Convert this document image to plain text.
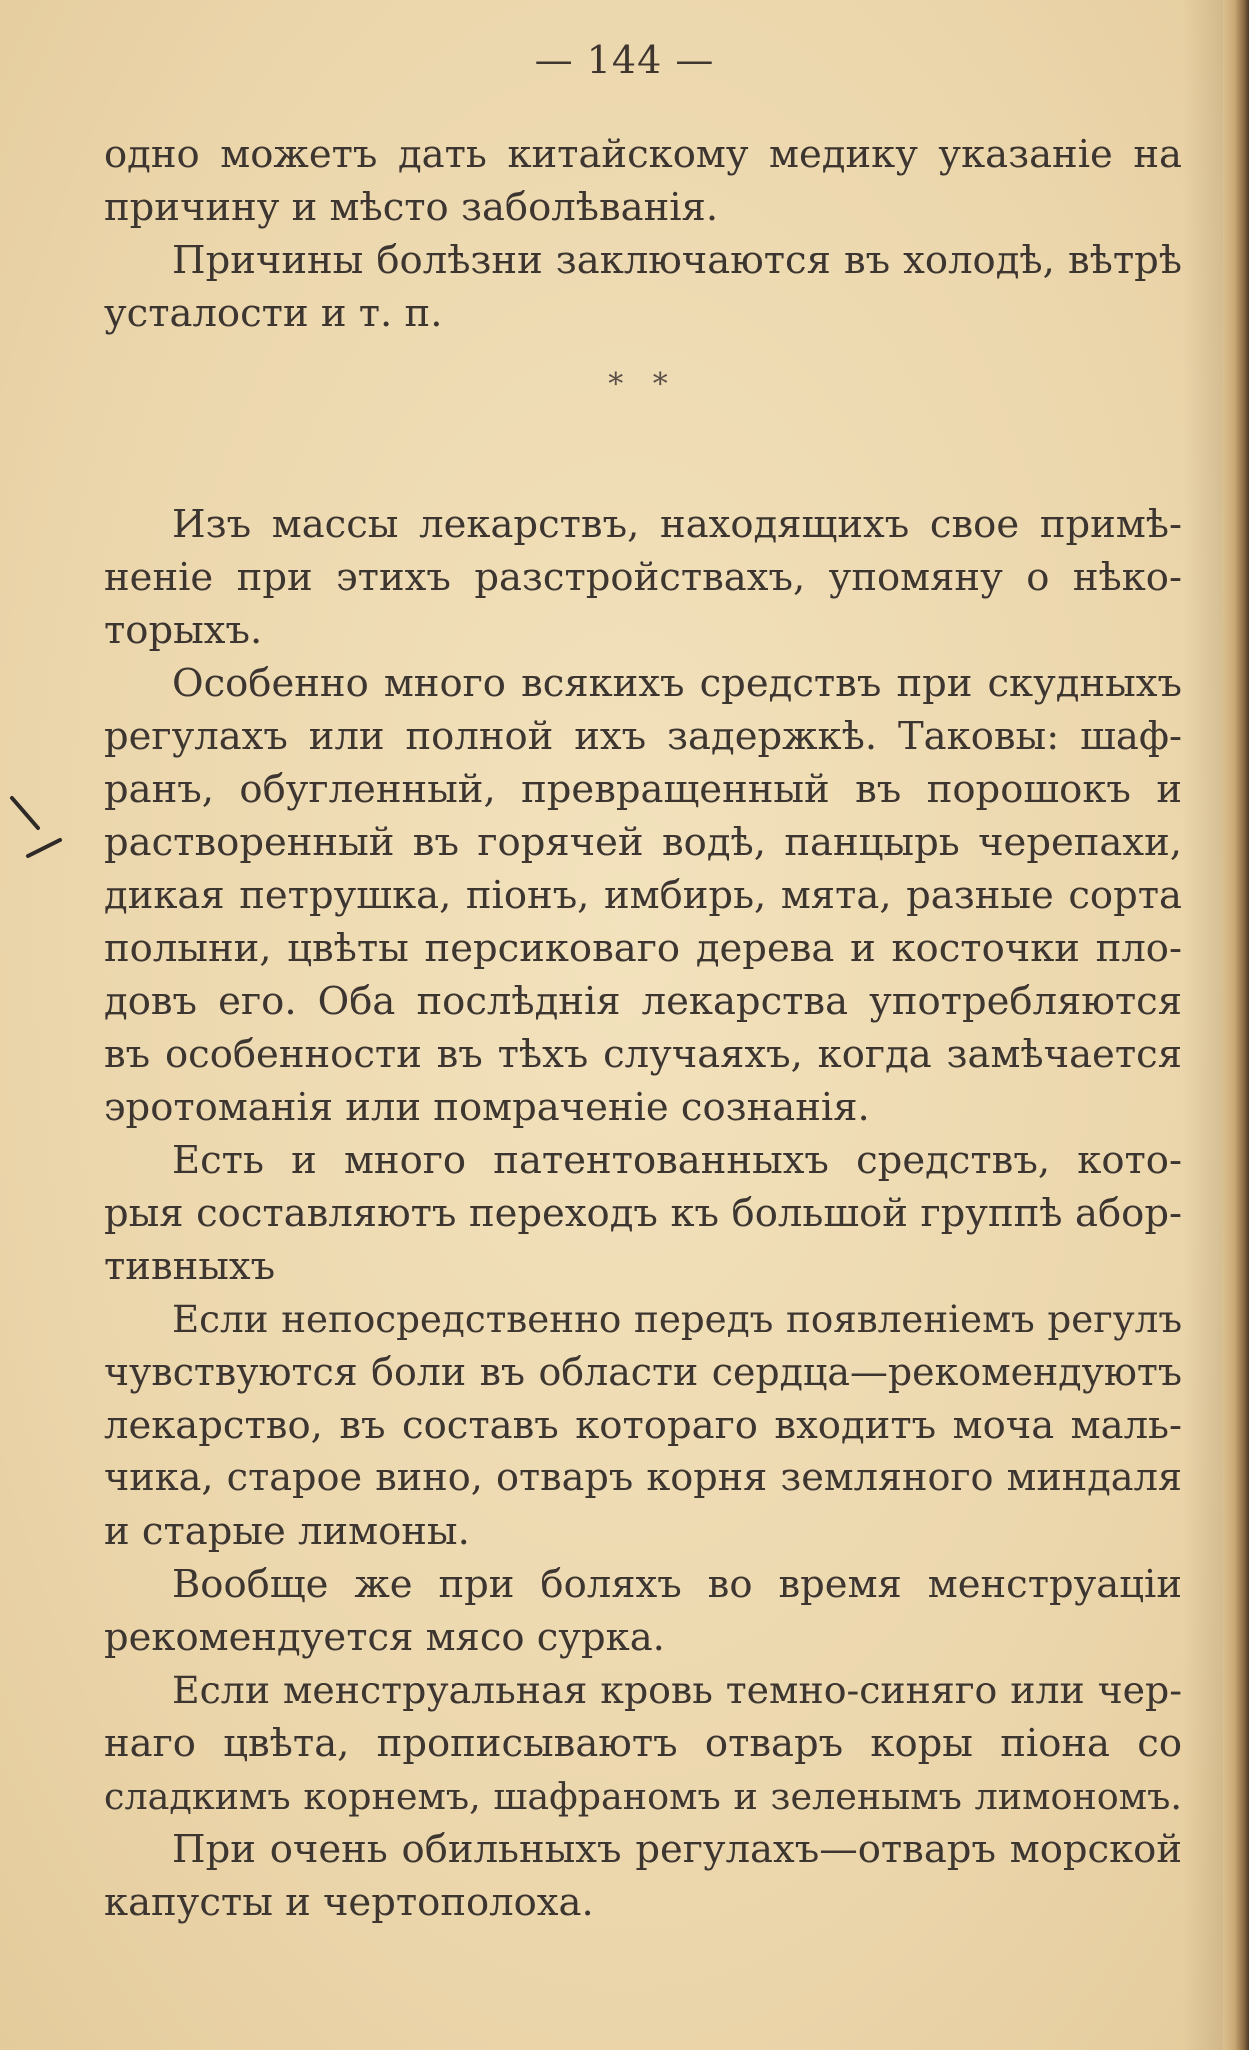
— 144 —
одно можетъ дать китайскому медику указанiе на
причину и мѣсто заболѣванiя.
Причины болѣзни заключаются въ холодѣ, вѣтрѣ
усталости и т. п.
* *
Изъ массы лекарствъ, находящихъ свое примѣ-
ненiе при этихъ разстройствахъ, упомяну о нѣко-
торыхъ.
Особенно много всякихъ средствъ при скудныхъ
регулахъ или полной ихъ задержкѣ. Таковы: шаф-
ранъ, обугленный, превращенный въ порошокъ и
растворенный въ горячей водѣ, панцырь черепахи,
дикая петрушка, пiонъ, имбирь, мята, разные сорта
полыни, цвѣты персиковаго дерева и косточки пло-
довъ его. Оба послѣднiя лекарства употребляются
въ особенности въ тѣхъ случаяхъ, когда замѣчается
эротоманiя или помраченiе сознанiя.
Есть и много патентованныхъ средствъ, кото-
рыя составляютъ переходъ къ большой группѣ абор-
тивныхъ
Если непосредственно передъ появленiемъ регулъ
чувствуются боли въ области сердца—рекомендуютъ
лекарство, въ составъ котораго входитъ моча маль-
чика, старое вино, отваръ корня земляного миндаля
и старые лимоны.
Вообще же при боляхъ во время менструацiи
рекомендуется мясо сурка.
Если менструальная кровь темно-синяго или чер-
наго цвѣта, прописываютъ отваръ коры пiона со
сладкимъ корнемъ, шафраномъ и зеленымъ лимономъ.
При очень обильныхъ регулахъ—отваръ морской
капусты и чертополоха.
